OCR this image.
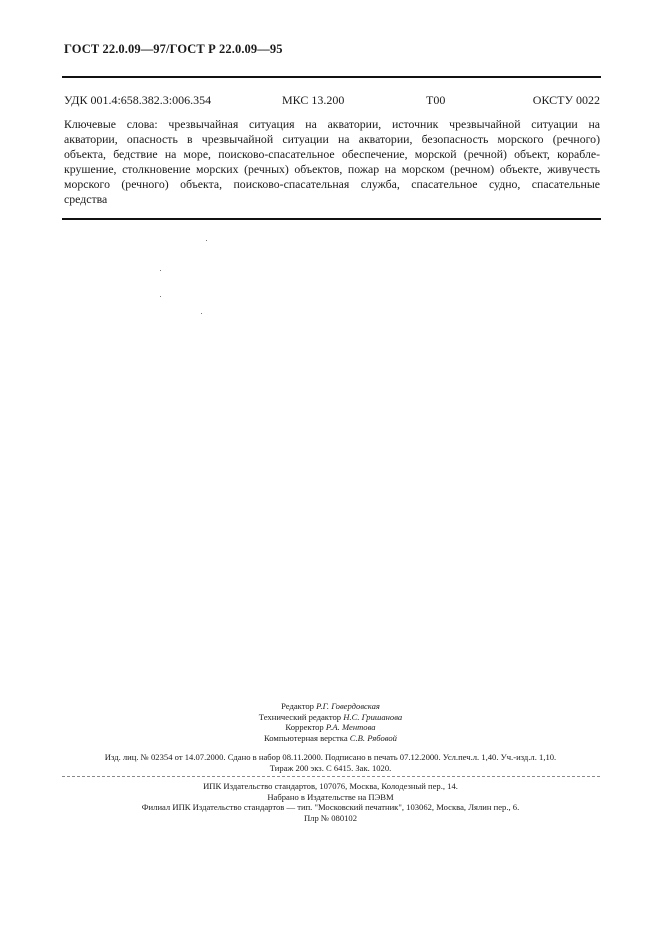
ГОСТ 22.0.09—97/ГОСТ Р 22.0.09—95
УДК 001.4:658.382.3:006.354	МКС 13.200	Т00	ОКСТУ 0022
Ключевые слова: чрезвычайная ситуация на акватории, источник чрезвычайной ситуации на
акватории, опасность в чрезвычайной ситуации на акватории, безопасность морского (речного)
объекта, бедствие на море, поисково-спасательное обеспечение, морской (речной) объект, корабле-
крушение, столкновение морских (речных) объектов, пожар на морском (речном) объекте, живучесть
морского (речного) объекта, поисково-спасательная служба, спасательное судно, спасательные
средства
Редактор Р.Г. Говердовская
Технический редактор Н.С. Гришанова
Корректор Р.А. Ментова
Компьютерная верстка С.В. Рябовой
Изд. лиц. № 02354 от 14.07.2000. Сдано в набор 08.11.2000. Подписано в печать 07.12.2000. Усл.печ.л. 1,40. Уч.-изд.л. 1,10.
Тираж 200 экз. С 6415. Зак. 1020.
ИПК Издательство стандартов, 107076, Москва, Колодезный пер., 14.
Набрано в Издательстве на ПЭВМ
Филиал ИПК Издательство стандартов — тип. "Московский печатник", 103062, Москва, Лялин пер., 6.
Плр № 080102
